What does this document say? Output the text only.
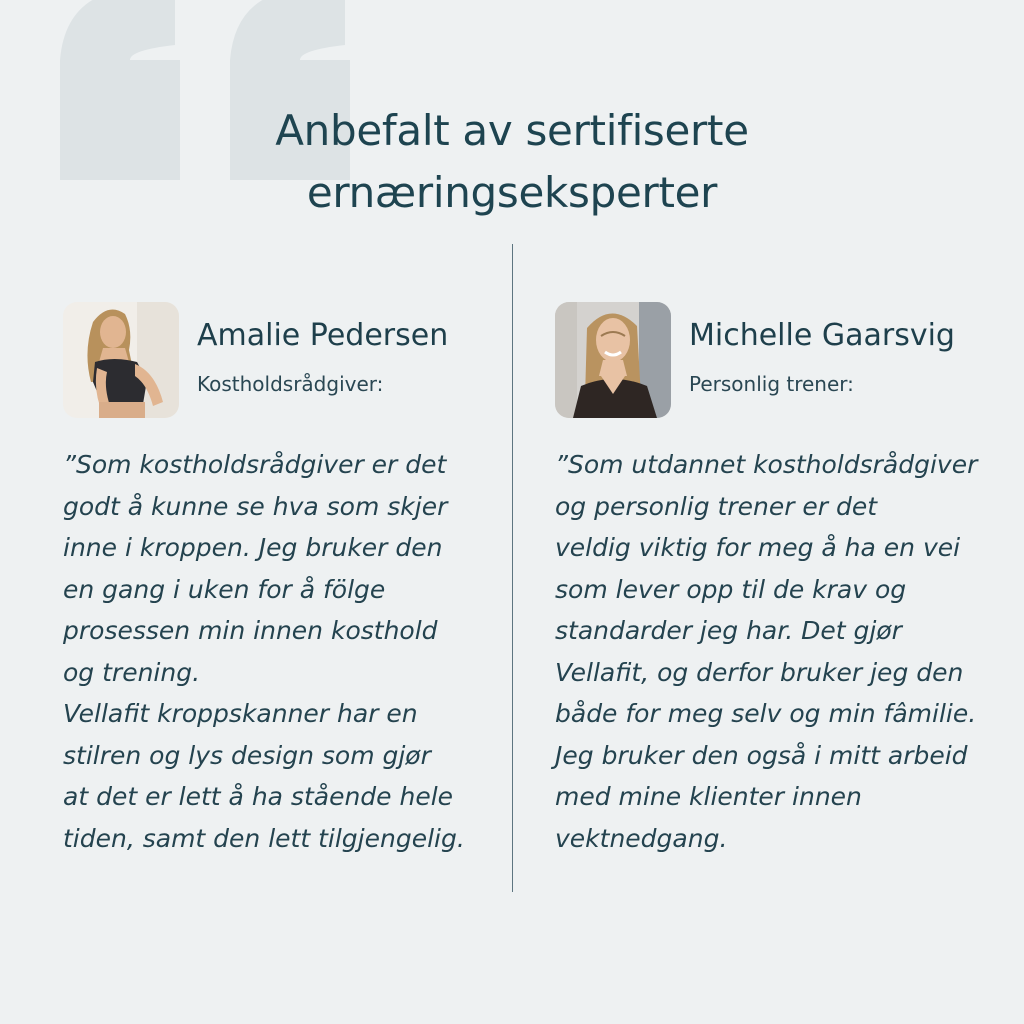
Anbefalt av sertifiserte
ernæringseksperter
Amalie Pedersen
Kostholdsrådgiver:

”Som kostholdsrådgiver er det
godt å kunne se hva som skjer
inne i kroppen. Jeg bruker den
en gang i uken for å fölge
prosessen min innen kosthold
og trening.
Vellafit kroppskanner har en
stilren og lys design som gjør
at det er lett å ha stående hele
tiden, samt den lett tilgjengelig.

Michelle Gaarsvig
Personlig trener:

”Som utdannet kostholdsrådgiver
og personlig trener er det
veldig viktig for meg å ha en vei
som lever opp til de krav og
standarder jeg har. Det gjør
Vellafit, og derfor bruker jeg den
både for meg selv og min fâmilie.
Jeg bruker den også i mitt arbeid
med mine klienter innen vektnedgang.
